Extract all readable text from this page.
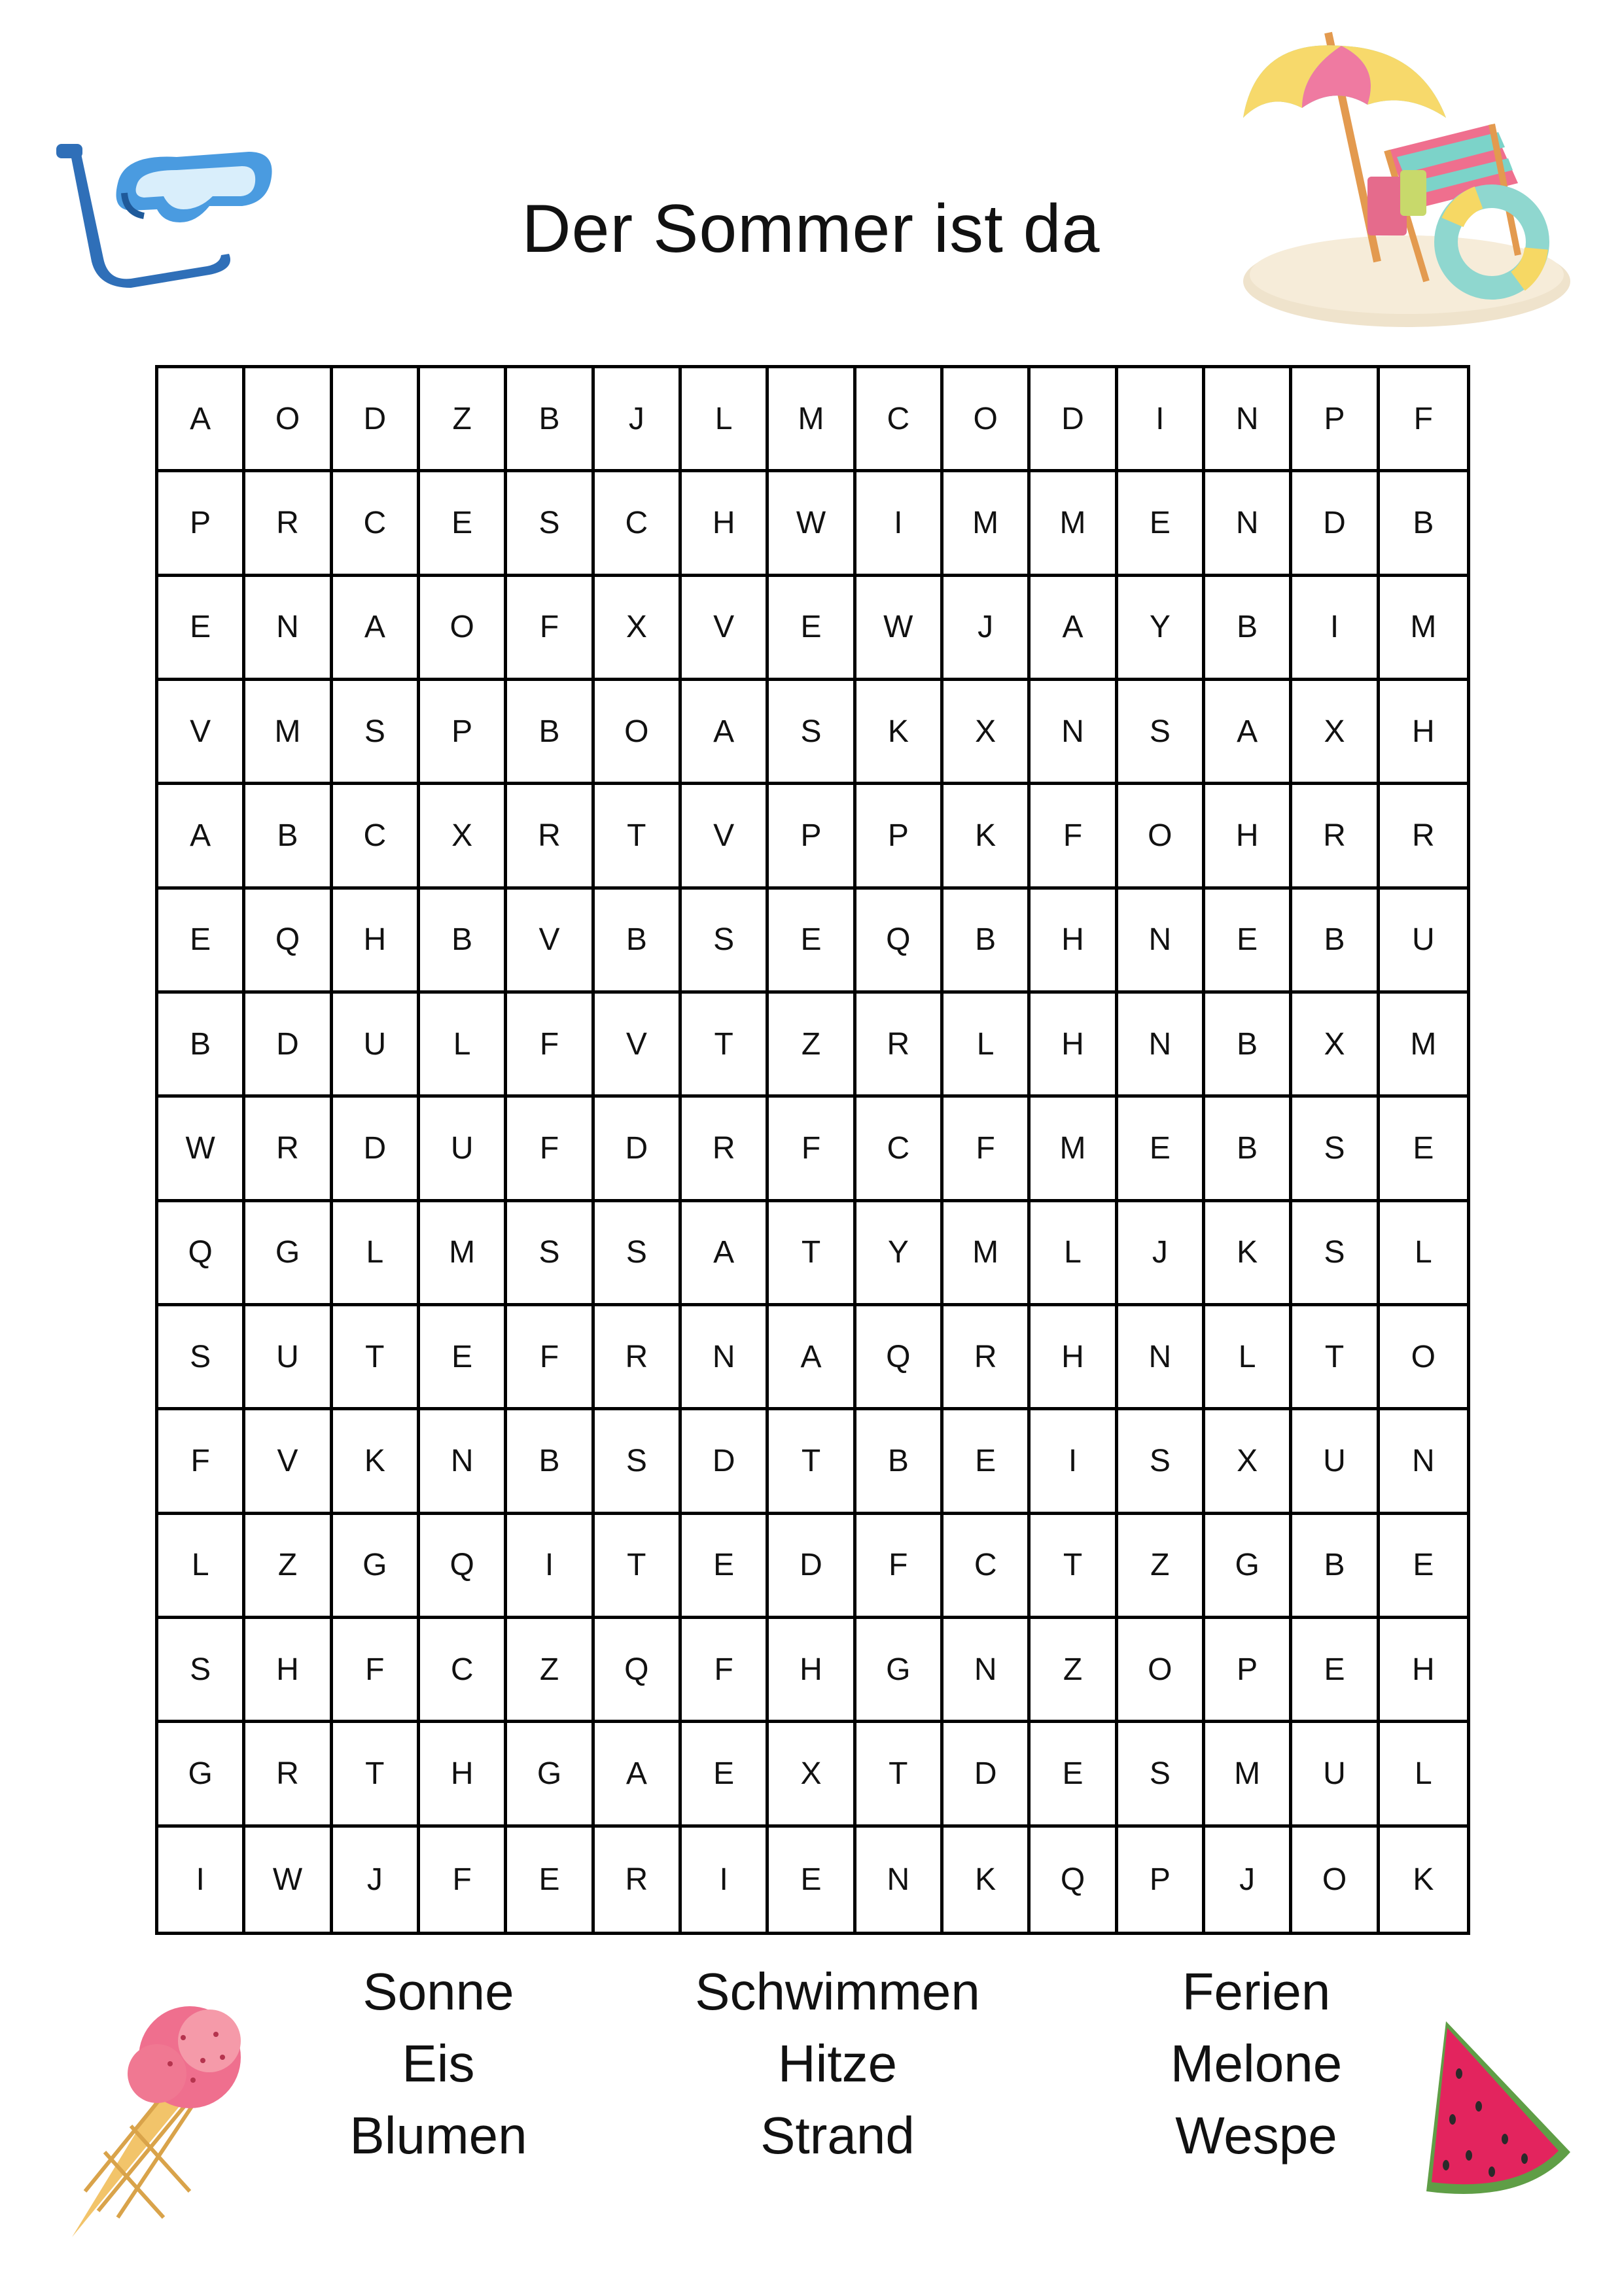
Der Sommer ist da
A	O	D	Z	B	J	L	M	C	O	D	I	N	P	F
P	R	C	E	S	C	H	W	I	M	M	E	N	D	B
E	N	A	O	F	X	V	E	W	J	A	Y	B	I	M
V	M	S	P	B	O	A	S	K	X	N	S	A	X	H
A	B	C	X	R	T	V	P	P	K	F	O	H	R	R
E	Q	H	B	V	B	S	E	Q	B	H	N	E	B	U
B	D	U	L	F	V	T	Z	R	L	H	N	B	X	M
W	R	D	U	F	D	R	F	C	F	M	E	B	S	E
Q	G	L	M	S	S	A	T	Y	M	L	J	K	S	L
S	U	T	E	F	R	N	A	Q	R	H	N	L	T	O
F	V	K	N	B	S	D	T	B	E	I	S	X	U	N
L	Z	G	Q	I	T	E	D	F	C	T	Z	G	B	E
S	H	F	C	Z	Q	F	H	G	N	Z	O	P	E	H
G	R	T	H	G	A	E	X	T	D	E	S	M	U	L
I	W	J	F	E	R	I	E	N	K	Q	P	J	O	K
Sonne
Eis
Blumen
Schwimmen
Hitze
Strand
Ferien
Melone
Wespe
